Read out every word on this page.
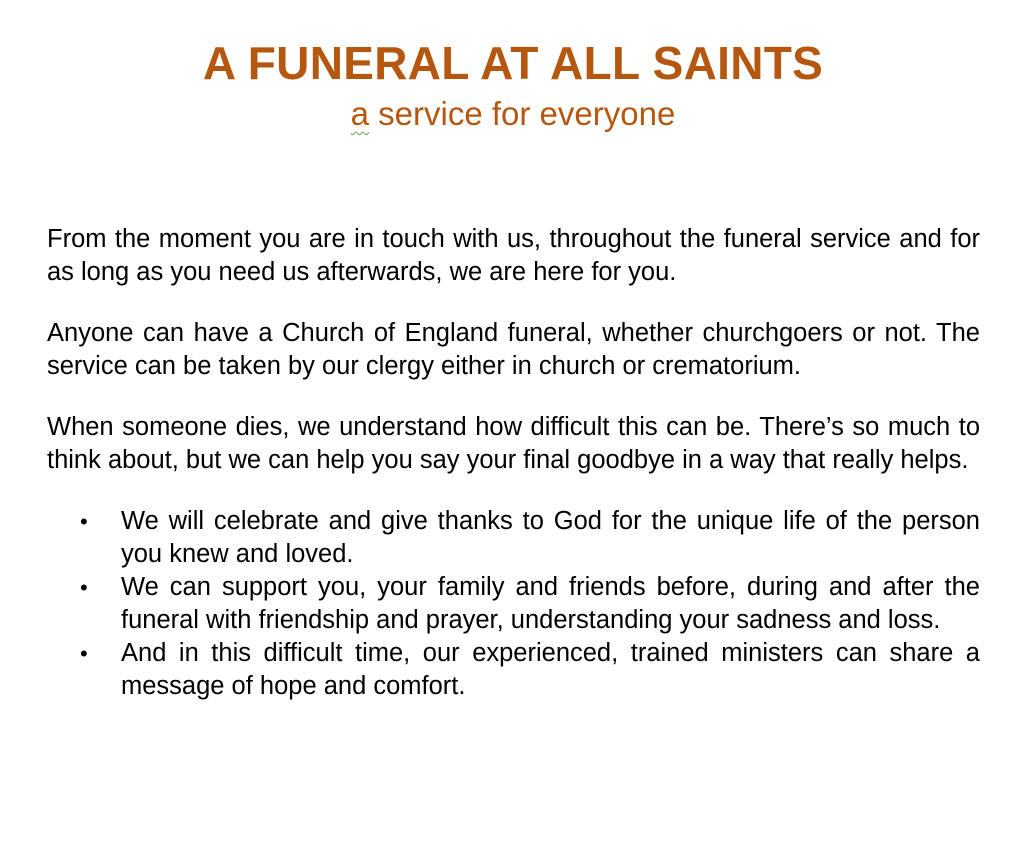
A FUNERAL AT ALL SAINTS
a service for everyone

From the moment you are in touch with us, throughout the funeral service and for as long as you need us afterwards, we are here for you.

Anyone can have a Church of England funeral, whether churchgoers or not. The service can be taken by our clergy either in church or crematorium.

When someone dies, we understand how difficult this can be. There’s so much to think about, but we can help you say your final goodbye in a way that really helps.

• We will celebrate and give thanks to God for the unique life of the person you knew and loved.
• We can support you, your family and friends before, during and after the funeral with friendship and prayer, understanding your sadness and loss.
• And in this difficult time, our experienced, trained ministers can share a message of hope and comfort.
